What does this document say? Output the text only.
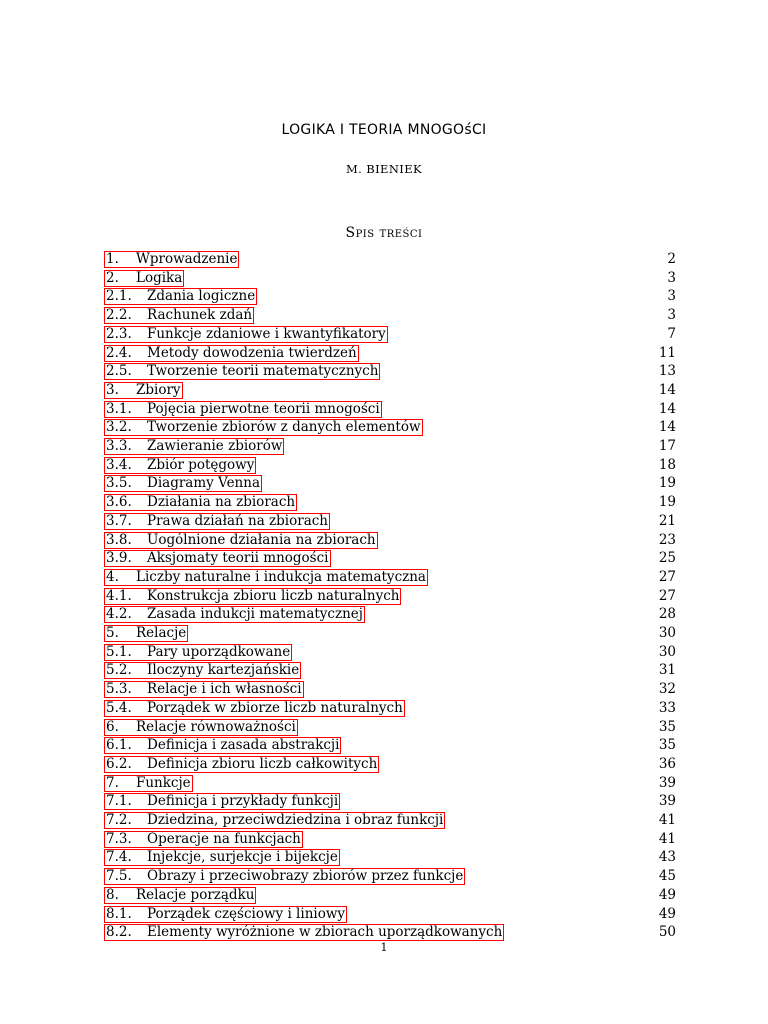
LOGIKA I TEORIA MNOGOśCI
M. BIENIEK
Spis treści
1. Wprowadzenie	2
2. Logika	3
2.1. Zdania logiczne	3
2.2. Rachunek zdań	3
2.3. Funkcje zdaniowe i kwantyfikatory	7
2.4. Metody dowodzenia twierdzeń	11
2.5. Tworzenie teorii matematycznych	13
3. Zbiory	14
3.1. Pojęcia pierwotne teorii mnogości	14
3.2. Tworzenie zbiorów z danych elementów	14
3.3. Zawieranie zbiorów	17
3.4. Zbiór potęgowy	18
3.5. Diagramy Venna	19
3.6. Działania na zbiorach	19
3.7. Prawa działań na zbiorach	21
3.8. Uogólnione działania na zbiorach	23
3.9. Aksjomaty teorii mnogości	25
4. Liczby naturalne i indukcja matematyczna	27
4.1. Konstrukcja zbioru liczb naturalnych	27
4.2. Zasada indukcji matematycznej	28
5. Relacje	30
5.1. Pary uporządkowane	30
5.2. Iloczyny kartezjańskie	31
5.3. Relacje i ich własności	32
5.4. Porządek w zbiorze liczb naturalnych	33
6. Relacje równoważności	35
6.1. Definicja i zasada abstrakcji	35
6.2. Definicja zbioru liczb całkowitych	36
7. Funkcje	39
7.1. Definicja i przykłady funkcji	39
7.2. Dziedzina, przeciwdziedzina i obraz funkcji	41
7.3. Operacje na funkcjach	41
7.4. Injekcje, surjekcje i bijekcje	43
7.5. Obrazy i przeciwobrazy zbiorów przez funkcje	45
8. Relacje porządku	49
8.1. Porządek częściowy i liniowy	49
8.2. Elementy wyróżnione w zbiorach uporządkowanych	50
1
